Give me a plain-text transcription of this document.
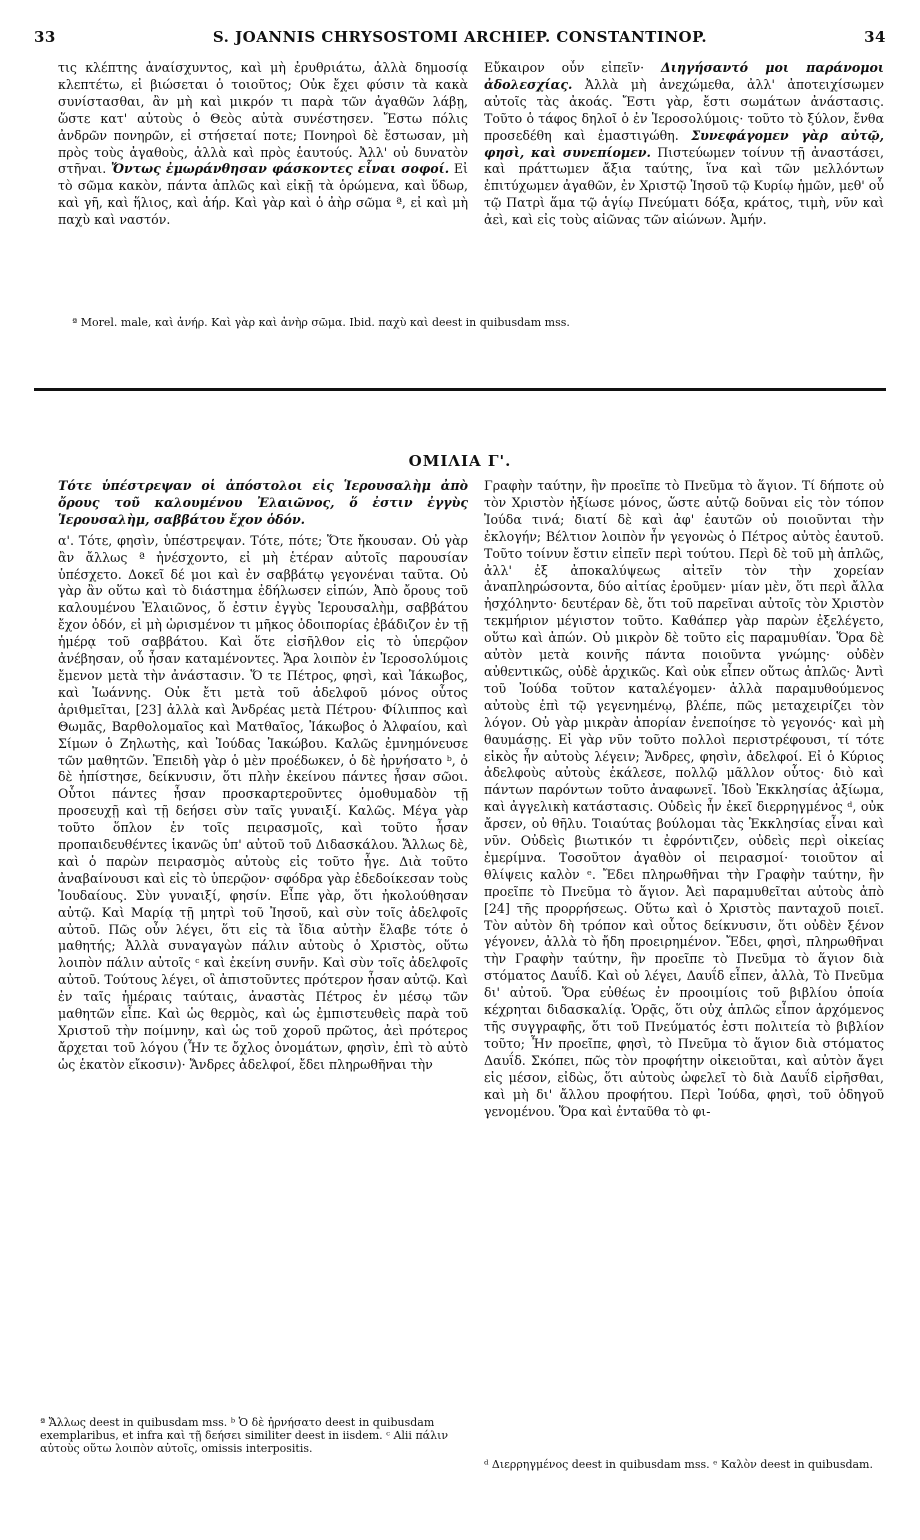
33	S. JOANNIS CHRYSOSTOMI ARCHIEP. CONSTANTINOP.	34

τις κλέπτης ἀναίσχυντος, καὶ μὴ ἐρυθριάτω, ἀλλὰ δημοσίᾳ κλεπτέτω, εἰ βιώσεται ὁ τοιοῦτος; Οὐκ ἔχει φύσιν τὰ κακὰ συνίστασθαι, ἂν μὴ καὶ μικρόν τι παρὰ τῶν ἀγαθῶν λάβῃ, ὥστε κατ' αὐτοὺς ὁ Θεὸς αὐτὰ συνέστησεν. Ἔστω πόλις ἀνδρῶν πονηρῶν, εἰ στήσεταί ποτε; Πονηροὶ δὲ ἔστωσαν, μὴ πρὸς τοὺς ἀγαθοὺς, ἀλλὰ καὶ πρὸς ἑαυτούς. Ἀλλ' οὐ δυνατὸν στῆναι. Ὄντως ἐμωράνθησαν φάσκοντες εἶναι σοφοί. Εἰ τὸ σῶμα κακὸν, πάντα ἁπλῶς καὶ εἰκῇ τὰ ὁρώμενα, καὶ ὕδωρ, καὶ γῆ, καὶ ἥλιος, καὶ ἀήρ. Καὶ γὰρ καὶ ὁ ἀὴρ σῶμα ª, εἰ καὶ μὴ παχὺ καὶ ναστόν.

Εὔκαιρον οὖν εἰπεῖν· Διηγήσαντό μοι παράνομοι ἀδολεσχίας. Ἀλλὰ μὴ ἀνεχώμεθα, ἀλλ' ἀποτειχίσωμεν αὐτοῖς τὰς ἀκοάς. Ἔστι γὰρ, ἔστι σωμάτων ἀνάστασις. Τοῦτο ὁ τάφος δηλοῖ ὁ ἐν Ἱεροσολύμοις· τοῦτο τὸ ξύλον, ἔνθα προσεδέθη καὶ ἐμαστιγώθη. Συνεφάγομεν γὰρ αὐτῷ, φησὶ, καὶ συνεπίομεν. Πιστεύωμεν τοίνυν τῇ ἀναστάσει, καὶ πράττωμεν ἄξια ταύτης, ἵνα καὶ τῶν μελλόντων ἐπιτύχωμεν ἀγαθῶν, ἐν Χριστῷ Ἰησοῦ τῷ Κυρίῳ ἡμῶν, μεθ' οὗ τῷ Πατρὶ ἅμα τῷ ἁγίῳ Πνεύματι δόξα, κράτος, τιμὴ, νῦν καὶ ἀεὶ, καὶ εἰς τοὺς αἰῶνας τῶν αἰώνων. Ἀμήν.

ª Morel. male, καὶ ἀνήρ. Καὶ γὰρ καὶ ἀνὴρ σῶμα. Ibid. παχὺ καὶ deest in quibusdam mss.
ΟΜΙΛΙΑ Γ'.

Τότε ὑπέστρεψαν οἱ ἀπόστολοι εἰς Ἱερουσαλὴμ ἀπὸ ὄρους τοῦ καλουμένου Ἐλαιῶνος, ὅ ἐστιν ἐγγὺς Ἱερουσαλὴμ, σαββάτου ἔχον ὁδόν.

α'. Τότε, φησὶν, ὑπέστρεψαν. Τότε, πότε; Ὅτε ἤκουσαν. Οὐ γὰρ ἂν ἄλλως ª ἠνέσχοντο, εἰ μὴ ἑτέραν αὐτοῖς παρουσίαν ὑπέσχετο. Δοκεῖ δέ μοι καὶ ἐν σαββάτῳ γεγονέναι ταῦτα. Οὐ γὰρ ἂν οὕτω καὶ τὸ διάστημα ἐδήλωσεν εἰπών, Ἀπὸ ὄρους τοῦ καλουμένου Ἐλαιῶνος, ὅ ἐστιν ἐγγὺς Ἱερουσαλὴμ, σαββάτου ἔχον ὁδόν, εἰ μὴ ὡρισμένον τι μῆκος ὁδοιπορίας ἐβάδιζον ἐν τῇ ἡμέρᾳ τοῦ σαββάτου. Καὶ ὅτε εἰσῆλθον εἰς τὸ ὑπερῷον ἀνέβησαν, οὗ ἦσαν καταμένοντες. Ἄρα λοιπὸν ἐν Ἱεροσολύμοις ἔμενον μετὰ τὴν ἀνάστασιν. Ὅ τε Πέτρος, φησὶ, καὶ Ἰάκωβος, καὶ Ἰωάννης. Οὐκ ἔτι μετὰ τοῦ ἀδελφοῦ μόνος οὗτος ἀριθμεῖται, [23] ἀλλὰ καὶ Ἀνδρέας μετὰ Πέτρου· Φίλιππος καὶ Θωμᾶς, Βαρθολομαῖος καὶ Ματθαῖος, Ἰάκωβος ὁ Ἀλφαίου, καὶ Σίμων ὁ Ζηλωτὴς, καὶ Ἰούδας Ἰακώβου. Καλῶς ἐμνημόνευσε τῶν μαθητῶν. Ἐπειδὴ γὰρ ὁ μὲν προέδωκεν, ὁ δὲ ἠρνήσατο ᵇ, ὁ δὲ ἠπίστησε, δείκνυσιν, ὅτι πλὴν ἐκείνου πάντες ἦσαν σῶοι. Οὗτοι πάντες ἦσαν προσκαρτεροῦντες ὁμοθυμαδὸν τῇ προσευχῇ καὶ τῇ δεήσει σὺν ταῖς γυναιξί. Καλῶς. Μέγα γὰρ τοῦτο ὅπλον ἐν τοῖς πειρασμοῖς, καὶ τοῦτο ἦσαν προπαιδευθέντες ἱκανῶς ὑπ' αὐτοῦ τοῦ Διδασκάλου. Ἄλλως δὲ, καὶ ὁ παρὼν πειρασμὸς αὐτοὺς εἰς τοῦτο ἦγε. Διὰ τοῦτο ἀναβαίνουσι καὶ εἰς τὸ ὑπερῷον· σφόδρα γὰρ ἐδεδοίκεσαν τοὺς Ἰουδαίους. Σὺν γυναιξί, φησίν. Εἶπε γὰρ, ὅτι ἠκολούθησαν αὐτῷ. Καὶ Μαρίᾳ τῇ μητρὶ τοῦ Ἰησοῦ, καὶ σὺν τοῖς ἀδελφοῖς αὐτοῦ. Πῶς οὖν λέγει, ὅτι εἰς τὰ ἴδια αὐτὴν ἔλαβε τότε ὁ μαθητής; Ἀλλὰ συναγαγὼν πάλιν αὐτοὺς ὁ Χριστὸς, οὕτω λοιπὸν πάλιν αὐτοῖς ᶜ καὶ ἐκείνη συνῆν. Καὶ σὺν τοῖς ἀδελφοῖς αὐτοῦ. Τούτους λέγει, οἳ ἀπιστοῦντες πρότερον ἦσαν αὐτῷ. Καὶ ἐν ταῖς ἡμέραις ταύταις, ἀναστὰς Πέτρος ἐν μέσῳ τῶν μαθητῶν εἶπε. Καὶ ὡς θερμὸς, καὶ ὡς ἐμπιστευθεὶς παρὰ τοῦ Χριστοῦ τὴν ποίμνην, καὶ ὡς τοῦ χοροῦ πρῶτος, ἀεὶ πρότερος ἄρχεται τοῦ λόγου (Ἦν τε ὄχλος ὀνομάτων, φησὶν, ἐπὶ τὸ αὐτὸ ὡς ἑκατὸν εἴκοσιν)· Ἄνδρες ἀδελφοί, ἔδει πληρωθῆναι τὴν

Γραφὴν ταύτην, ἣν προεῖπε τὸ Πνεῦμα τὸ ἅγιον. Τί δήποτε οὐ τὸν Χριστὸν ἠξίωσε μόνος, ὥστε αὐτῷ δοῦναι εἰς τὸν τόπον Ἰούδα τινά; διατί δὲ καὶ ἀφ' ἑαυτῶν οὐ ποιοῦνται τὴν ἐκλογήν; Βέλτιον λοιπὸν ἦν γεγονὼς ὁ Πέτρος αὐτὸς ἑαυτοῦ. Τοῦτο τοίνυν ἔστιν εἰπεῖν περὶ τούτου. Περὶ δὲ τοῦ μὴ ἁπλῶς, ἀλλ' ἐξ ἀποκαλύψεως αἰτεῖν τὸν τὴν χορείαν ἀναπληρώσοντα, δύο αἰτίας ἐροῦμεν· μίαν μὲν, ὅτι περὶ ἄλλα ἠσχόληντο· δευτέραν δὲ, ὅτι τοῦ παρεῖναι αὐτοῖς τὸν Χριστὸν τεκμήριον μέγιστον τοῦτο. Καθάπερ γὰρ παρὼν ἐξελέγετο, οὕτω καὶ ἀπών. Οὐ μικρὸν δὲ τοῦτο εἰς παραμυθίαν. Ὅρα δὲ αὐτὸν μετὰ κοινῆς πάντα ποιοῦντα γνώμης· οὐδὲν αὐθεντικῶς, οὐδὲ ἀρχικῶς. Καὶ οὐκ εἶπεν οὕτως ἁπλῶς· Ἀντὶ τοῦ Ἰούδα τοῦτον καταλέγομεν· ἀλλὰ παραμυθούμενος αὐτοὺς ἐπὶ τῷ γεγενημένῳ, βλέπε, πῶς μεταχειρίζει τὸν λόγον. Οὐ γὰρ μικρὰν ἀπορίαν ἐνεποίησε τὸ γεγονός· καὶ μὴ θαυμάσῃς. Εἰ γὰρ νῦν τοῦτο πολλοὶ περιστρέφουσι, τί τότε εἰκὸς ἦν αὐτοὺς λέγειν; Ἄνδρες, φησὶν, ἀδελφοί. Εἰ ὁ Κύριος ἀδελφοὺς αὐτοὺς ἐκάλεσε, πολλῷ μᾶλλον οὗτος· διὸ καὶ πάντων παρόντων τοῦτο ἀναφωνεῖ. Ἰδοὺ Ἐκκλησίας ἀξίωμα, καὶ ἀγγελικὴ κατάστασις. Οὐδεὶς ἦν ἐκεῖ διερρηγμένος ᵈ, οὐκ ἄρσεν, οὐ θῆλυ. Τοιαύτας βούλομαι τὰς Ἐκκλησίας εἶναι καὶ νῦν. Οὐδεὶς βιωτικόν τι ἐφρόντιζεν, οὐδεὶς περὶ οἰκείας ἐμερίμνα. Τοσοῦτον ἀγαθὸν οἱ πειρασμοί· τοιοῦτον αἱ θλίψεις καλὸν ᵉ. Ἔδει πληρωθῆναι τὴν Γραφὴν ταύτην, ἣν προεῖπε τὸ Πνεῦμα τὸ ἅγιον. Ἀεὶ παραμυθεῖται αὐτοὺς ἀπὸ [24] τῆς προρρήσεως. Οὕτω καὶ ὁ Χριστὸς πανταχοῦ ποιεῖ. Τὸν αὐτὸν δὴ τρόπον καὶ οὗτος δείκνυσιν, ὅτι οὐδὲν ξένον γέγονεν, ἀλλὰ τὸ ἤδη προειρημένον. Ἔδει, φησὶ, πληρωθῆναι τὴν Γραφὴν ταύτην, ἣν προεῖπε τὸ Πνεῦμα τὸ ἅγιον διὰ στόματος Δαυΐδ. Καὶ οὐ λέγει, Δαυΐδ εἶπεν, ἀλλὰ, Τὸ Πνεῦμα δι' αὐτοῦ. Ὅρα εὐθέως ἐν προοιμίοις τοῦ βιβλίου ὁποία κέχρηται διδασκαλίᾳ. Ὁρᾷς, ὅτι οὐχ ἁπλῶς εἶπον ἀρχόμενος τῆς συγγραφῆς, ὅτι τοῦ Πνεύματός ἐστι πολιτεία τὸ βιβλίον τοῦτο; Ἦν προεῖπε, φησὶ, τὸ Πνεῦμα τὸ ἅγιον διὰ στόματος Δαυΐδ. Σκόπει, πῶς τὸν προφήτην οἰκειοῦται, καὶ αὐτὸν ἄγει εἰς μέσον, εἰδὼς, ὅτι αὐτοὺς ὠφελεῖ τὸ διὰ Δαυΐδ εἰρῆσθαι, καὶ μὴ δι' ἄλλου προφήτου. Περὶ Ἰούδα, φησὶ, τοῦ ὁδηγοῦ γενομένου. Ὅρα καὶ ἐνταῦθα τὸ φι-

ª Ἄλλως deest in quibusdam mss. ᵇ Ὁ δὲ ἠρνήσατο deest in quibusdam exemplaribus, et infra καὶ τῇ δεήσει similiter deest in iisdem. ᶜ Alii πάλιν αὐτοὺς οὕτω λοιπὸν αὐτοῖς, omissis interpositis.
ᵈ Διερρηγμένος deest in quibusdam mss. ᵉ Καλὸν deest in quibusdam.
